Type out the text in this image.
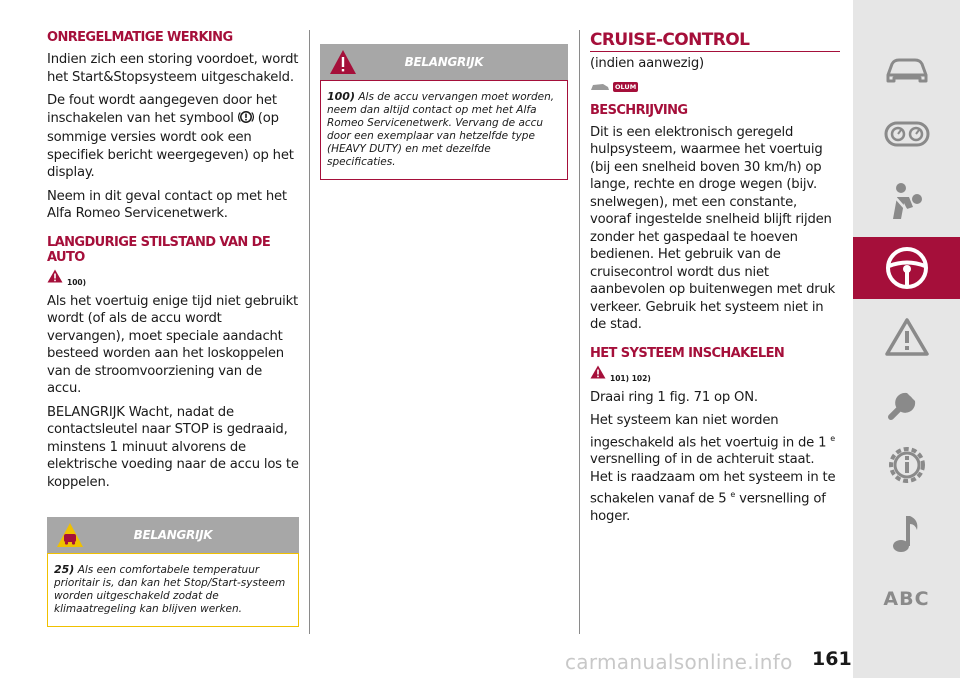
ONREGELMATIGE WERKING

Indien zich een storing voordoet, wordt het Start&Stopsysteem uitgeschakeld.

De fout wordt aangegeven door het inschakelen van het symbool (op sommige versies wordt ook een specifiek bericht weergegeven) op het display.

Neem in dit geval contact op met het Alfa Romeo Servicenetwerk.

LANGDURIGE STILSTAND VAN DE AUTO
100)

Als het voertuig enige tijd niet gebruikt wordt (of als de accu wordt vervangen), moet speciale aandacht besteed worden aan het loskoppelen van de stroomvoorziening van de accu.

BELANGRIJK Wacht, nadat de contactsleutel naar STOP is gedraaid, minstens 1 minuut alvorens de elektrische voeding naar de accu los te koppelen.

BELANGRIJK
25) Als een comfortabele temperatuur prioritair is, dan kan het Stop/Start-systeem worden uitgeschakeld zodat de klimaatregeling kan blijven werken.
BELANGRIJK
100) Als de accu vervangen moet worden, neem dan altijd contact op met het Alfa Romeo Servicenetwerk. Vervang de accu door een exemplaar van hetzelfde type (HEAVY DUTY) en met dezelfde specificaties.
CRUISE-CONTROL

(indien aanwezig)

OLUM
BESCHRIJVING

Dit is een elektronisch geregeld hulpsysteem, waarmee het voertuig (bij een snelheid boven 30 km/h) op lange, rechte en droge wegen (bijv. snelwegen), met een constante, vooraf ingestelde snelheid blijft rijden zonder het gaspedaal te hoeven bedienen. Het gebruik van de cruisecontrol wordt dus niet aanbevolen op buitenwegen met druk verkeer. Gebruik het systeem niet in de stad.

HET SYSTEEM INSCHAKELEN
101) 102)

Draai ring 1 fig. 71 op ON.

Het systeem kan niet worden ingeschakeld als het voertuig in de 1 $^e$ versnelling of in de achteruit staat. Het is raadzaam om het systeem in te schakelen vanaf de 5 $^e$ versnelling of hoger.

ABC
carmanualsonline.info 161
